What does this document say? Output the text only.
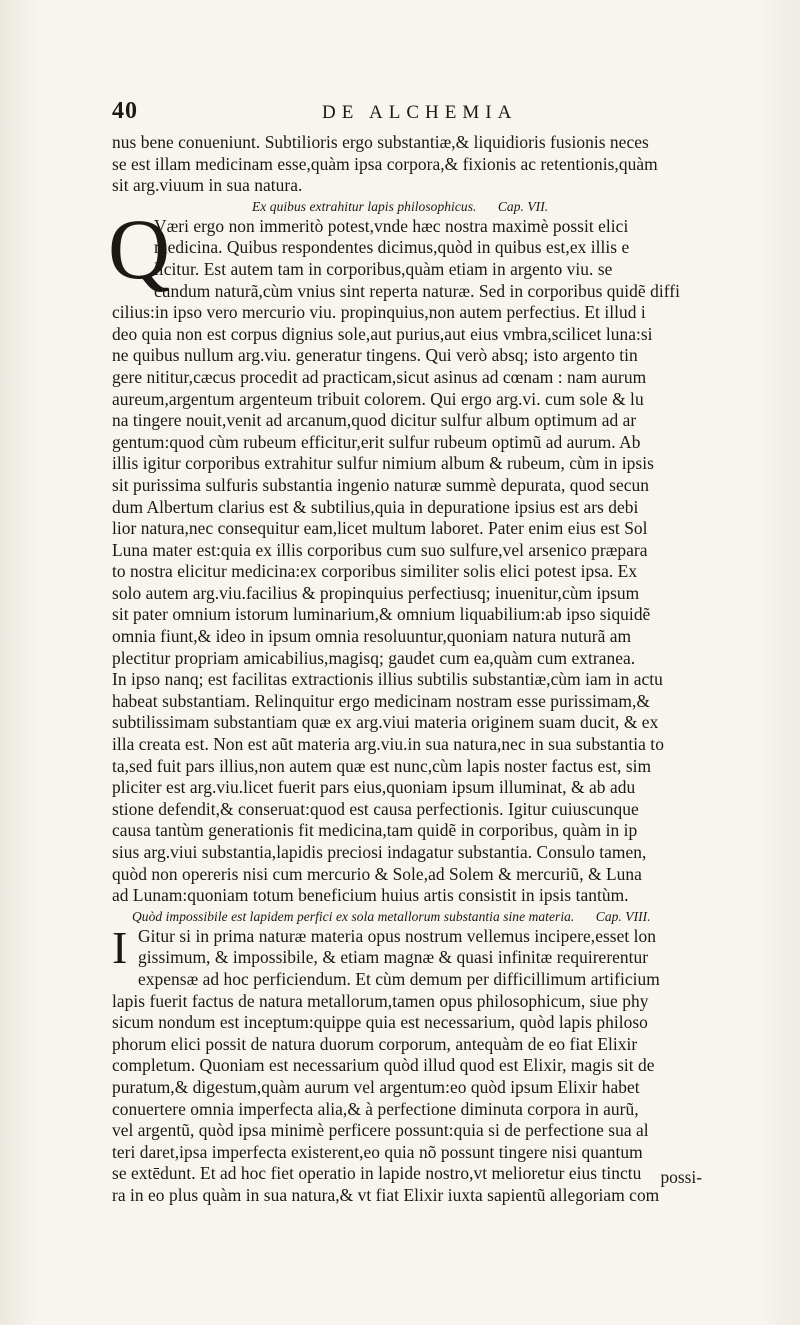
40	DE ALCHEMIA
nus bene conueniunt. Subtilioris ergo substantiæ,& liquidioris fusionis neces
se est illam medicinam esse,quàm ipsa corpora,& fixionis ac retentionis,quàm
sit arg.viuum in sua natura.
Ex quibus extrahitur lapis philosophicus. Cap. VII.
Q
Væri ergo non immeritò potest,vnde hæc nostra maximè possit elici
medicina. Quibus respondentes dicimus,quòd in quibus est,ex illis e
licitur. Est autem tam in corporibus,quàm etiam in argento viu. se
cundum naturã,cùm vnius sint reperta naturæ. Sed in corporibus quidẽ diffi
cilius:in ipso vero mercurio viu. propinquius,non autem perfectius. Et illud i
deo quia non est corpus dignius sole,aut purius,aut eius vmbra,scilicet luna:si
ne quibus nullum arg.viu. generatur tingens. Qui verò absq; isto argento tin
gere nititur,cæcus procedit ad practicam,sicut asinus ad cœnam : nam aurum
aureum,argentum argenteum tribuit colorem. Qui ergo arg.vi. cum sole & lu
na tingere nouit,venit ad arcanum,quod dicitur sulfur album optimum ad ar
gentum:quod cùm rubeum efficitur,erit sulfur rubeum optimũ ad aurum. Ab
illis igitur corporibus extrahitur sulfur nimium album & rubeum, cùm in ipsis
sit purissima sulfuris substantia ingenio naturæ summè depurata, quod secun
dum Albertum clarius est & subtilius,quia in depuratione ipsius est ars debi
lior natura,nec consequitur eam,licet multum laboret. Pater enim eius est Sol
Luna mater est:quia ex illis corporibus cum suo sulfure,vel arsenico præpara
to nostra elicitur medicina:ex corporibus similiter solis elici potest ipsa. Ex
solo autem arg.viu.facilius & propinquius perfectiusq; inuenitur,cùm ipsum
sit pater omnium istorum luminarium,& omnium liquabilium:ab ipso siquidẽ
omnia fiunt,& ideo in ipsum omnia resoluuntur,quoniam natura nuturã am
plectitur propriam amicabilius,magisq; gaudet cum ea,quàm cum extranea.
In ipso nanq; est facilitas extractionis illius subtilis substantiæ,cùm iam in actu
habeat substantiam. Relinquitur ergo medicinam nostram esse purissimam,&
subtilissimam substantiam quæ ex arg.viui materia originem suam ducit, & ex
illa creata est. Non est aũt materia arg.viu.in sua natura,nec in sua substantia to
ta,sed fuit pars illius,non autem quæ est nunc,cùm lapis noster factus est, sim
pliciter est arg.viu.licet fuerit pars eius,quoniam ipsum illuminat, & ab adu
stione defendit,& conseruat:quod est causa perfectionis. Igitur cuiuscunque
causa tantùm generationis fit medicina,tam quidẽ in corporibus, quàm in ip
sius arg.viui substantia,lapidis preciosi indagatur substantia. Consulo tamen,
quòd non opereris nisi cum mercurio & Sole,ad Solem & mercuriũ, & Luna
ad Lunam:quoniam totum beneficium huius artis consistit in ipsis tantùm.
Quòd impossibile est lapidem perfici ex sola metallorum substantia sine materia. Cap. VIII.
I Gitur si in prima naturæ materia opus nostrum vellemus incipere,esset lon
gissimum, & impossibile, & etiam magnæ & quasi infinitæ requirerentur
expensæ ad hoc perficiendum. Et cùm demum per difficillimum artificium
lapis fuerit factus de natura metallorum,tamen opus philosophicum, siue phy
sicum nondum est inceptum:quippe quia est necessarium, quòd lapis philoso
phorum elici possit de natura duorum corporum, antequàm de eo fiat Elixir
completum. Quoniam est necessarium quòd illud quod est Elixir, magis sit de
puratum,& digestum,quàm aurum vel argentum:eo quòd ipsum Elixir habet
conuertere omnia imperfecta alia,& à perfectione diminuta corpora in aurũ,
vel argentũ, quòd ipsa minimè perficere possunt:quia si de perfectione sua al
teri daret,ipsa imperfecta existerent,eo quia nõ possunt tingere nisi quantum
se extēdunt. Et ad hoc fiet operatio in lapide nostro,vt melioretur eius tinctu
ra in eo plus quàm in sua natura,& vt fiat Elixir iuxta sapientũ allegoriam com
possi-
